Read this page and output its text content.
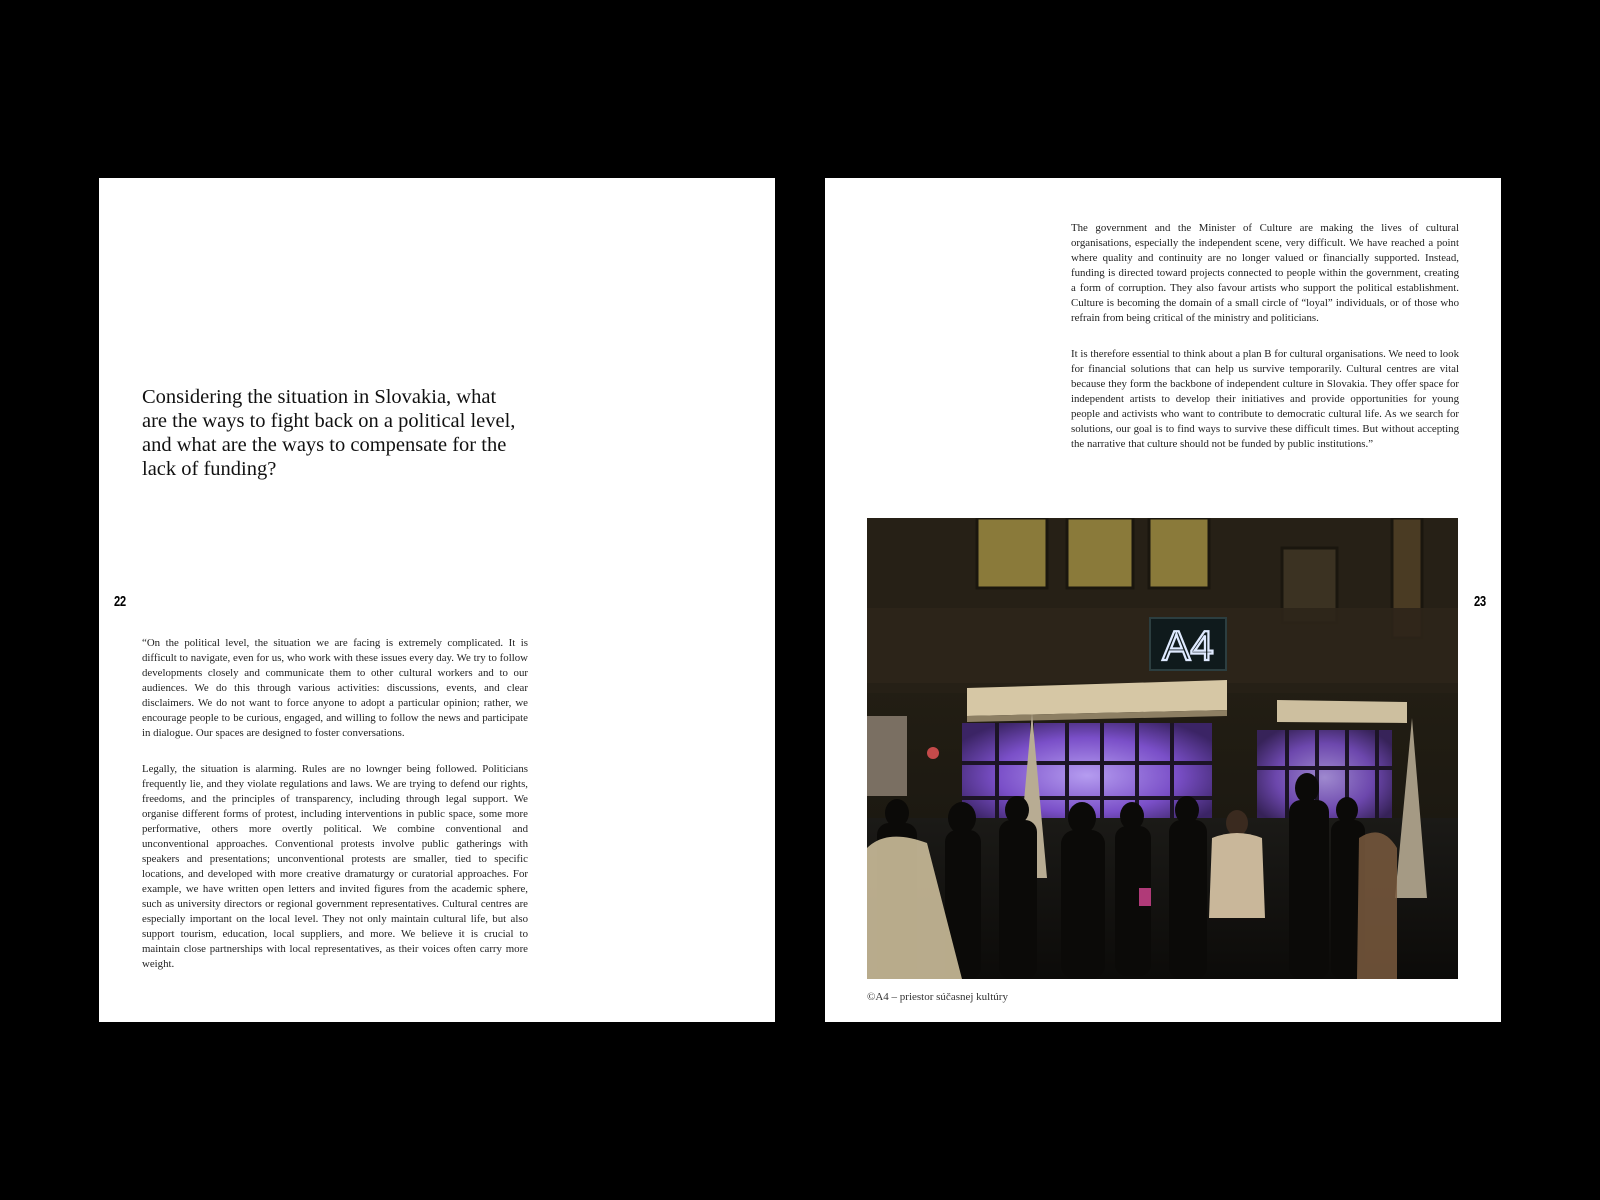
Considering the situation in Slovakia, what are the ways to fight back on a political level, and what are the ways to compensate for the lack of funding?
22

“On the political level, the situation we are facing is extremely complicated. It is difficult to navigate, even for us, who work with these issues every day. We try to follow developments closely and communicate them to other cultural workers and to our audiences. We do this through various activities: discussions, events, and clear disclaimers. We do not want to force anyone to adopt a particular opinion; rather, we encourage people to be curious, engaged, and willing to follow the news and participate in dialogue. Our spaces are designed to foster conversations.

Legally, the situation is alarming. Rules are no lownger being followed. Politicians frequently lie, and they violate regulations and laws. We are trying to defend our rights, freedoms, and the principles of transparency, including through legal support. We organise different forms of protest, including interventions in public space, some more performative, others more overtly political. We combine conventional and unconventional approaches. Conventional protests involve public gatherings with speakers and presentations; unconventional protests are smaller, tied to specific locations, and developed with more creative dramaturgy or curatorial approaches. For example, we have written open letters and invited figures from the academic sphere, such as university directors or regional government representatives. Cultural centres are especially important on the local level. They not only maintain cultural life, but also support tourism, education, local suppliers, and more. We believe it is crucial to maintain close partnerships with local representatives, as their voices often carry more weight.

The government and the Minister of Culture are making the lives of cultural organisations, especially the independent scene, very difficult. We have reached a point where quality and continuity are no longer valued or financially supported. Instead, funding is directed toward projects connected to people within the government, creating a form of corruption. They also favour artists who support the political establishment. Culture is becoming the domain of a small circle of “loyal” individuals, or of those who refrain from being critical of the ministry and politicians.

It is therefore essential to think about a plan B for cultural organisations. We need to look for financial solutions that can help us survive temporarily. Cultural centres are vital because they form the backbone of independent culture in Slovakia. They offer space for independent artists to develop their initiatives and provide opportunities for young people and activists who want to contribute to democratic cultural life. As we search for solutions, our goal is to find ways to survive these difficult times. But without accepting the narrative that culture should not be funded by public institutions.”

23
A4
©A4 – priestor súčasnej kultúry
